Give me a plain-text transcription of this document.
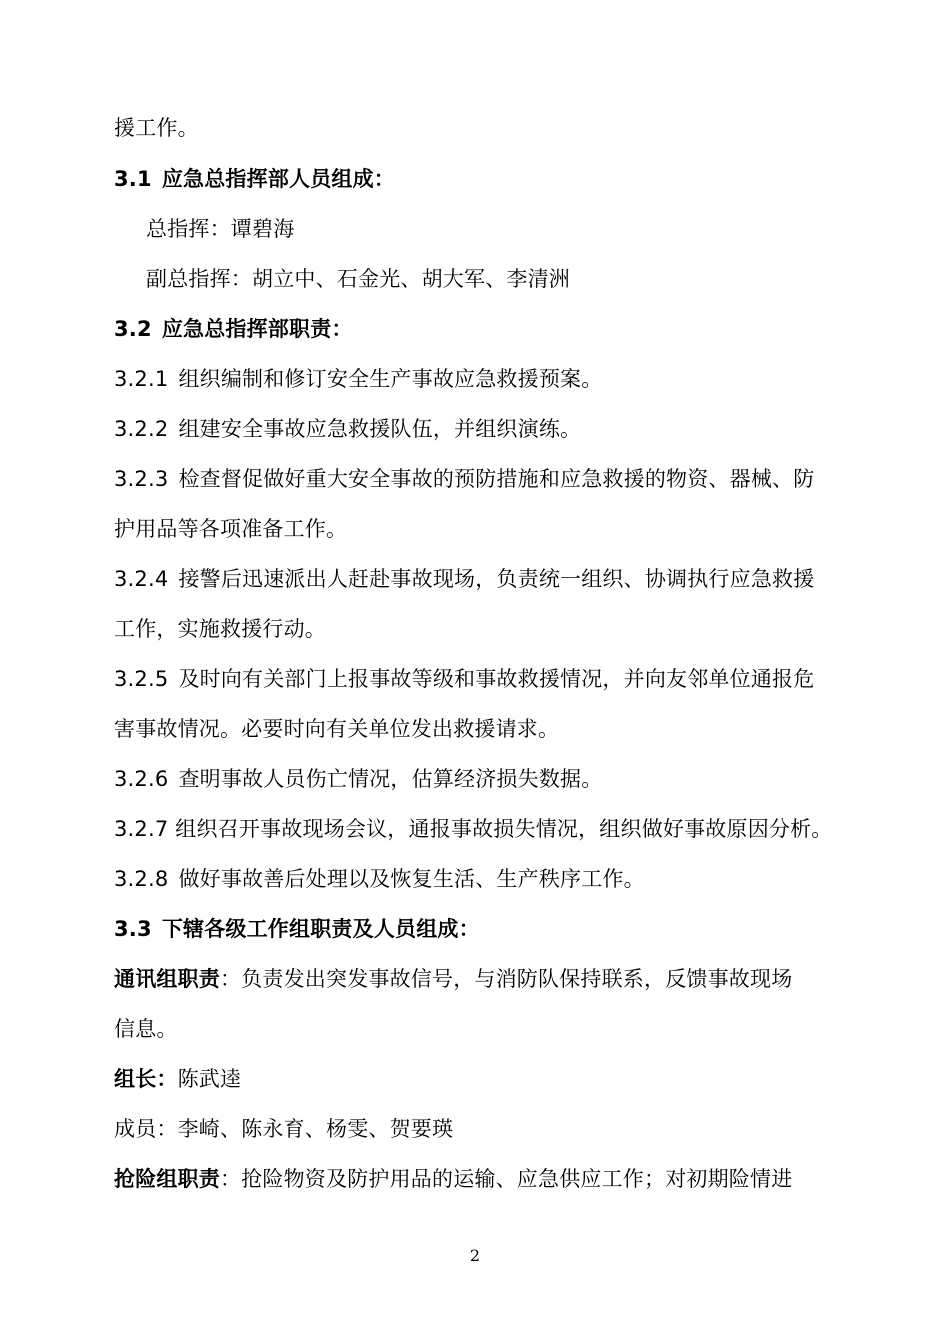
援工作。
3.1 应急总指挥部人员组成：
总指挥：谭碧海
副总指挥：胡立中、石金光、胡大军、李清洲
3.2 应急总指挥部职责：
3.2.1 组织编制和修订安全生产事故应急救援预案。
3.2.2 组建安全事故应急救援队伍，并组织演练。
3.2.3 检查督促做好重大安全事故的预防措施和应急救援的物资、器械、防
护用品等各项准备工作。
3.2.4 接警后迅速派出人赶赴事故现场，负责统一组织、协调执行应急救援
工作，实施救援行动。
3.2.5 及时向有关部门上报事故等级和事故救援情况，并向友邻单位通报危
害事故情况。必要时向有关单位发出救援请求。
3.2.6 查明事故人员伤亡情况，估算经济损失数据。
3.2.7 组织召开事故现场会议，通报事故损失情况，组织做好事故原因分析。
3.2.8 做好事故善后处理以及恢复生活、生产秩序工作。
3.3 下辖各级工作组职责及人员组成：
通讯组职责：负责发出突发事故信号，与消防队保持联系，反馈事故现场
信息。
组长：陈武逵
成员：李崎、陈永育、杨雯、贺要瑛
抢险组职责：抢险物资及防护用品的运输、应急供应工作；对初期险情进
2
